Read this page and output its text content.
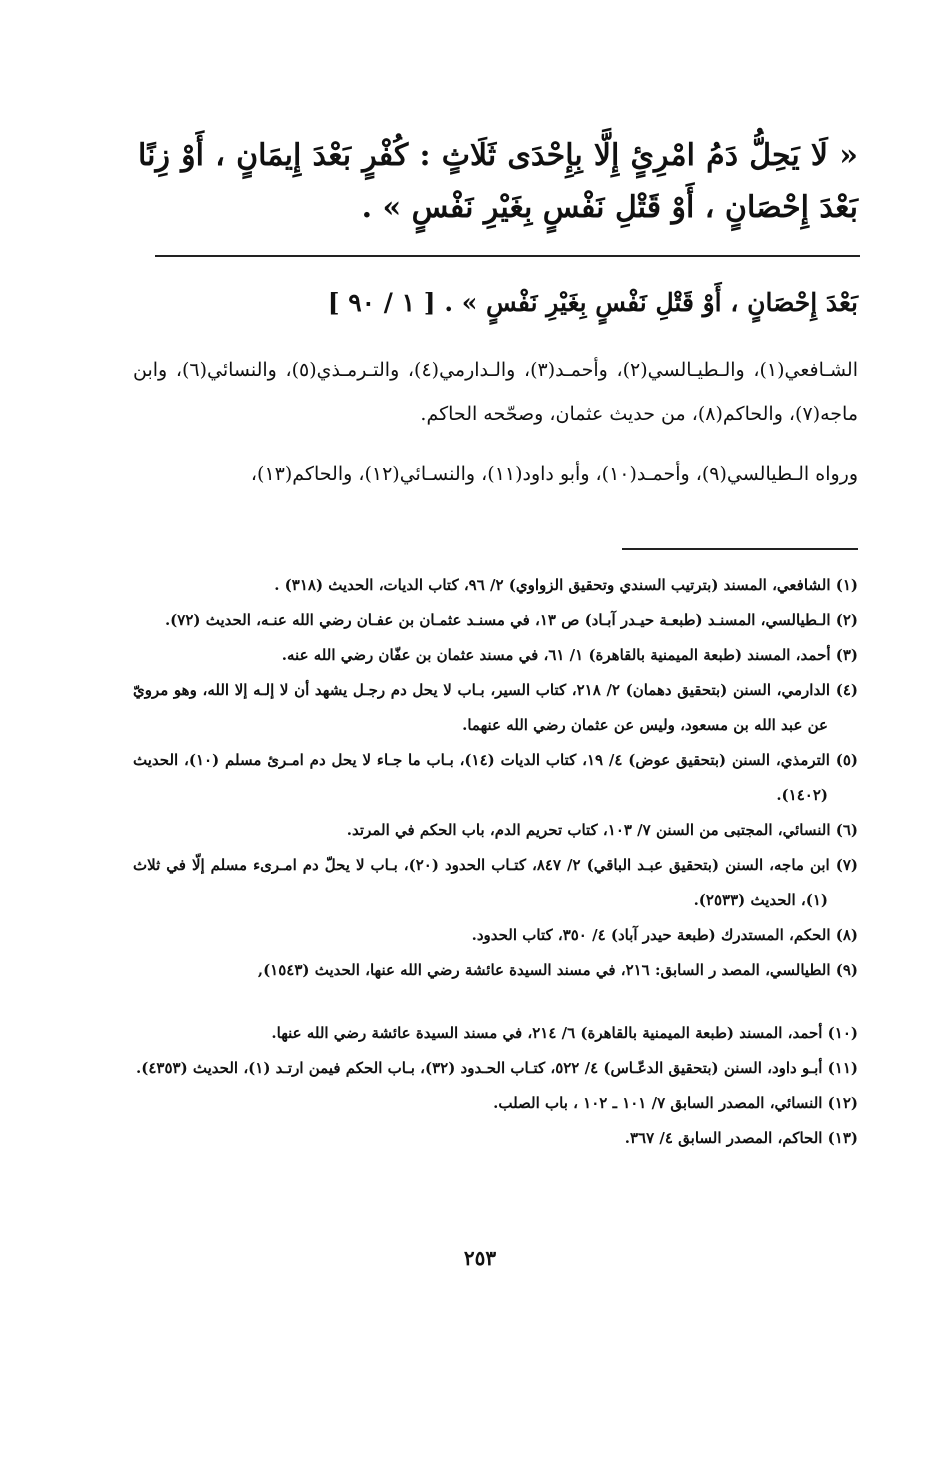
« لَا يَحِلُّ دَمُ امْرِئٍ إِلَّا بِإِحْدَى ثَلَاثٍ : كُفْرٍ بَعْدَ إِيمَانٍ ، أَوْ زِنًا بَعْدَ إِحْصَانٍ ، أَوْ قَتْلِ نَفْسٍ بِغَيْرِ نَفْسٍ » .
بَعْدَ إِحْصَانٍ ، أَوْ قَتْلِ نَفْسٍ بِغَيْرِ نَفْسٍ » . [ ١ / ٩٠ ]
الشـافعي(١)، والـطيـالسي(٢)، وأحمـد(٣)، والـدارمي(٤)، والتـرمـذي(٥)، والنسائي(٦)، وابن ماجه(٧)، والحاكم(٨)، من حديث عثمان، وصحّحه الحاكم.
ورواه الـطيالسي(٩)، وأحمـد(١٠)، وأبو داود(١١)، والنسـائي(١٢)، والحاكم(١٣)،
(١) الشافعي، المسند (بترتيب السندي وتحقيق الزواوي) ٢/ ٩٦، كتاب الديات، الحديث (٣١٨) .
(٢) الـطيالسي، المسنـد (طبعـة حيـدر آبـاد) ص ١٣، في مسنـد عثمـان بن عفـان رضي الله عنـه، الحديث (٧٢).
(٣) أحمد، المسند (طبعة الميمنية بالقاهرة) ١/ ٦١، في مسند عثمان بن عفّان رضي الله عنه.
(٤) الدارمي، السنن (بتحقيق دهمان) ٢/ ٢١٨، كتاب السير، بـاب لا يحل دم رجـل يشهد أن لا إلـه إلا الله، وهو مرويّ عن عبد الله بن مسعود، وليس عن عثمان رضي الله عنهما.
(٥) الترمذي، السنن (بتحقيق عوض) ٤/ ١٩، كتاب الديات (١٤)، بـاب ما جـاء لا يحل دم امـرئ مسلم (١٠)، الحديث (١٤٠٢).
(٦) النسائي، المجتبى من السنن ٧/ ١٠٣، كتاب تحريم الدم، باب الحكم في المرتد.
(٧) ابن ماجه، السنن (بتحقيق عبـد الباقي) ٢/ ٨٤٧، كتـاب الحدود (٢٠)، بـاب لا يحلّ دم امـرىء مسلم إلّا في ثلاث (١)، الحديث (٢٥٣٣).
(٨) الحكم، المستدرك (طبعة حيدر آباد) ٤/ ٣٥٠، كتاب الحدود.
(٩) الطيالسي، المصد ر السابق: ٢١٦، في مسند السيدة عائشة رضي الله عنها، الحديث (١٥٤٣),
(١٠) أحمد، المسند (طبعة الميمنية بالقاهرة) ٦/ ٢١٤، في مسند السيدة عائشة رضي الله عنها.
(١١) أبـو داود، السنن (بتحقيق الدعّـاس) ٤/ ٥٢٢، كتـاب الحـدود (٣٢)، بـاب الحكم فيمن ارتـد (١)، الحديث (٤٣٥٣).
(١٢) النسائي، المصدر السابق ٧/ ١٠١ ـ ١٠٢ ، باب الصلب.
(١٣) الحاكم، المصدر السابق ٤/ ٣٦٧.
٢٥٣
